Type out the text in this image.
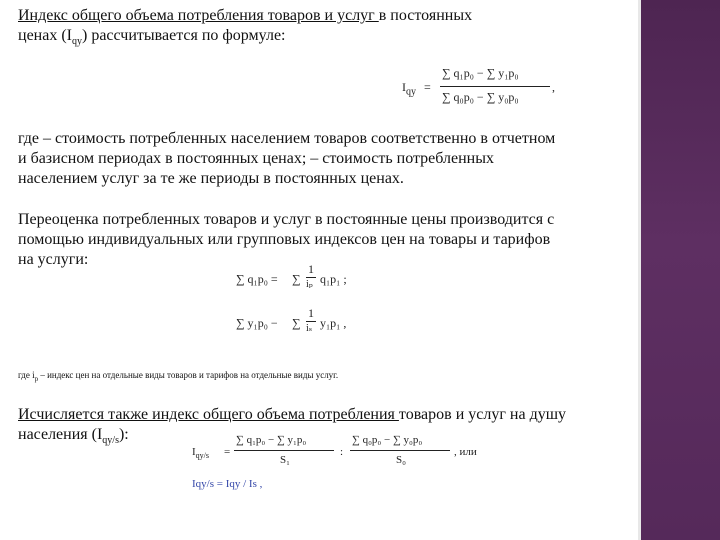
Индекс общего объема потребления товаров и услуг в постоянных
ценах $(I_{qy})$ рассчитывается по формуле:
$I_{qy}$ =
∑ q₁p₀ − ∑ y₁p₀
∑ q₀p₀ − ∑ y₀p₀
,
где – стоимость потребленных населением товаров соответственно в отчетном
и базисном периодах в постоянных ценах; – стоимость потребленных
населением услуг за те же периоды в постоянных ценах.
Переоценка потребленных товаров и услуг в постоянные цены производится с
помощью индивидуальных или групповых индексов цен на товары и тарифов
на услуги:
∑ q₁p₀ = ∑
1
iₚ q₁p₁ ;
∑ y₁p₀ − ∑
1
iₛ y₁p₁ ,
где $i_p$ – индекс цен на отдельные виды товаров и тарифов на отдельные виды услуг.
Исчисляется также индекс общего объема потребления товаров и услуг на душу
населения $(I_{qy/s})$:
$I_{qy/s}$ =
∑ q₁p₀ − ∑ y₁p₀
S₁
:
∑ q₀p₀ − ∑ y₀p₀
S₀
, или
Iqy/s = Iqy / Is ,
